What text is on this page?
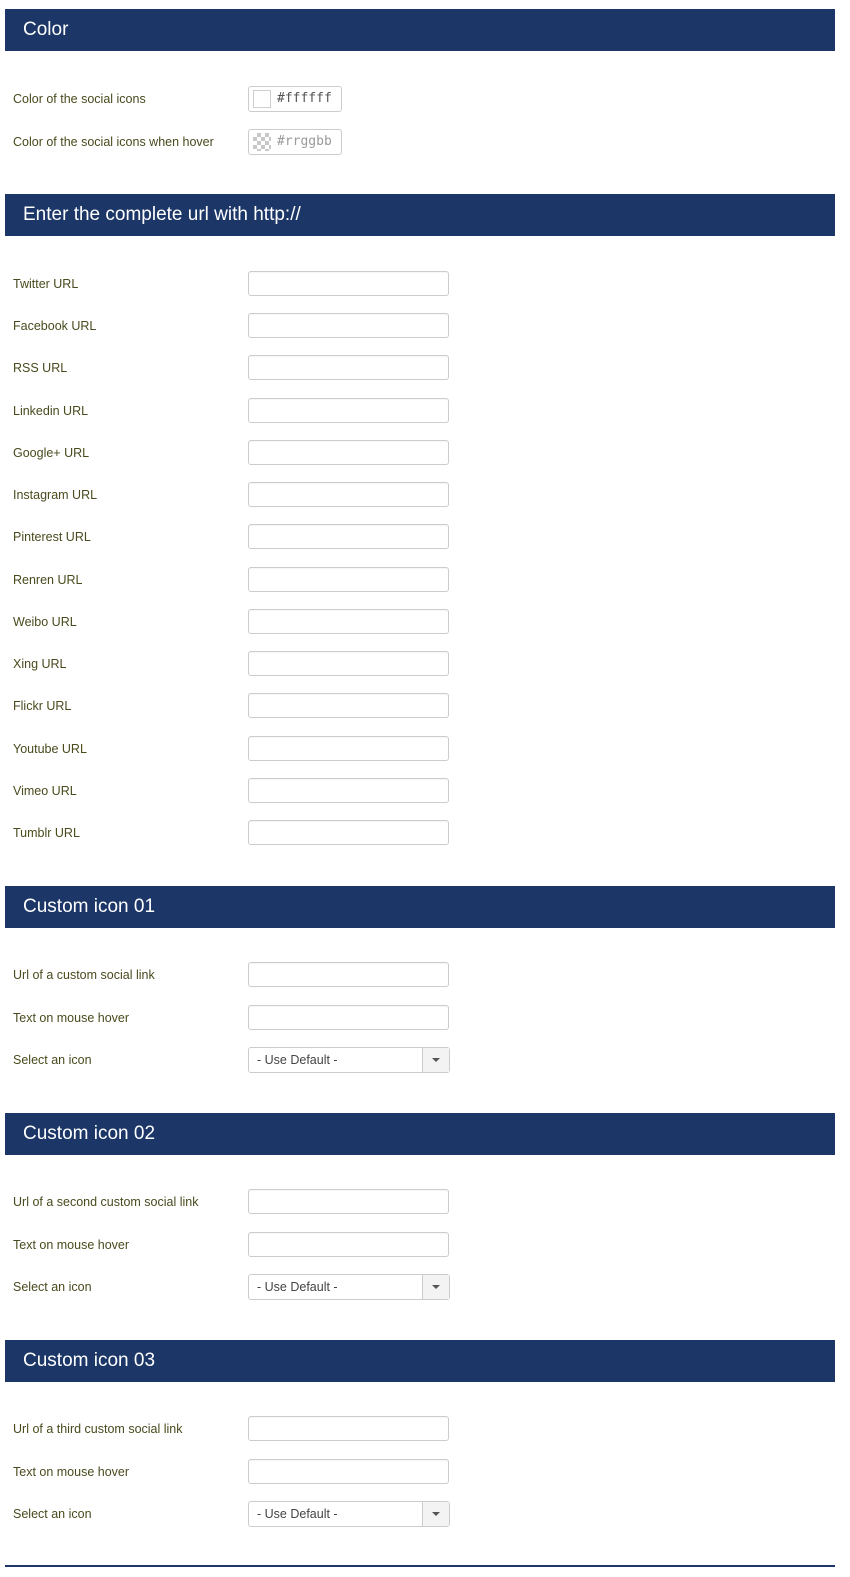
Color
Color of the social icons	#ffffff
Color of the social icons when hover	#rrggbb
Enter the complete url with http://
Twitter URL
Facebook URL
RSS URL
Linkedin URL
Google+ URL
Instagram URL
Pinterest URL
Renren URL
Weibo URL
Xing URL
Flickr URL
Youtube URL
Vimeo URL
Tumblr URL
Custom icon 01
Url of a custom social link
Text on mouse hover
Select an icon	- Use Default -
Custom icon 02
Url of a second custom social link
Text on mouse hover
Select an icon	- Use Default -
Custom icon 03
Url of a third custom social link
Text on mouse hover
Select an icon	- Use Default -
